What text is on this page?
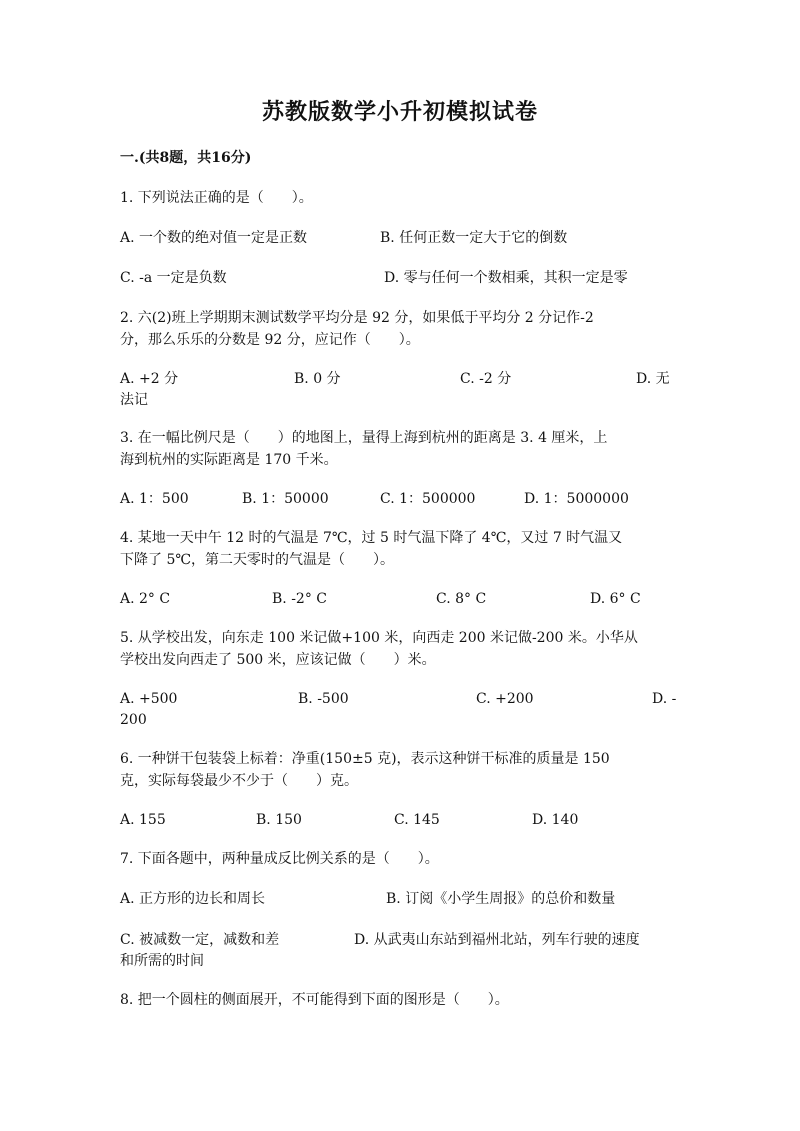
苏教版数学小升初模拟试卷
一.(共8题，共16分)
1. 下列说法正确的是（　　）。
A. 一个数的绝对值一定是正数	B. 任何正数一定大于它的倒数
C. -a 一定是负数	D. 零与任何一个数相乘，其积一定是零
2. 六(2)班上学期期末测试数学平均分是 92 分，如果低于平均分 2 分记作-2
分，那么乐乐的分数是 92 分，应记作（　　）。
A. +2 分	B. 0 分	C. -2 分	D. 无
法记
3. 在一幅比例尺是（　　）的地图上，量得上海到杭州的距离是 3. 4 厘米，上
海到杭州的实际距离是 170 千米。
A. 1：500	B. 1：50000	C. 1：500000	D. 1：5000000
4. 某地一天中午 12 时的气温是 7℃，过 5 时气温下降了 4℃，又过 7 时气温又
下降了 5℃，第二天零时的气温是（　　）。
A. 2° C	B. -2° C	C. 8° C	D. 6° C
5. 从学校出发，向东走 100 米记做+100 米，向西走 200 米记做-200 米。小华从
学校出发向西走了 500 米，应该记做（　　）米。
A. +500	B. -500	C. +200	D. -
200
6. 一种饼干包装袋上标着：净重(150±5 克)，表示这种饼干标准的质量是 150
克，实际每袋最少不少于（　　）克。
A. 155	B. 150	C. 145	D. 140
7. 下面各题中，两种量成反比例关系的是（　　）。
A. 正方形的边长和周长	B. 订阅《小学生周报》的总价和数量
C. 被减数一定，减数和差	D. 从武夷山东站到福州北站，列车行驶的速度
和所需的时间
8. 把一个圆柱的侧面展开，不可能得到下面的图形是（　　）。
